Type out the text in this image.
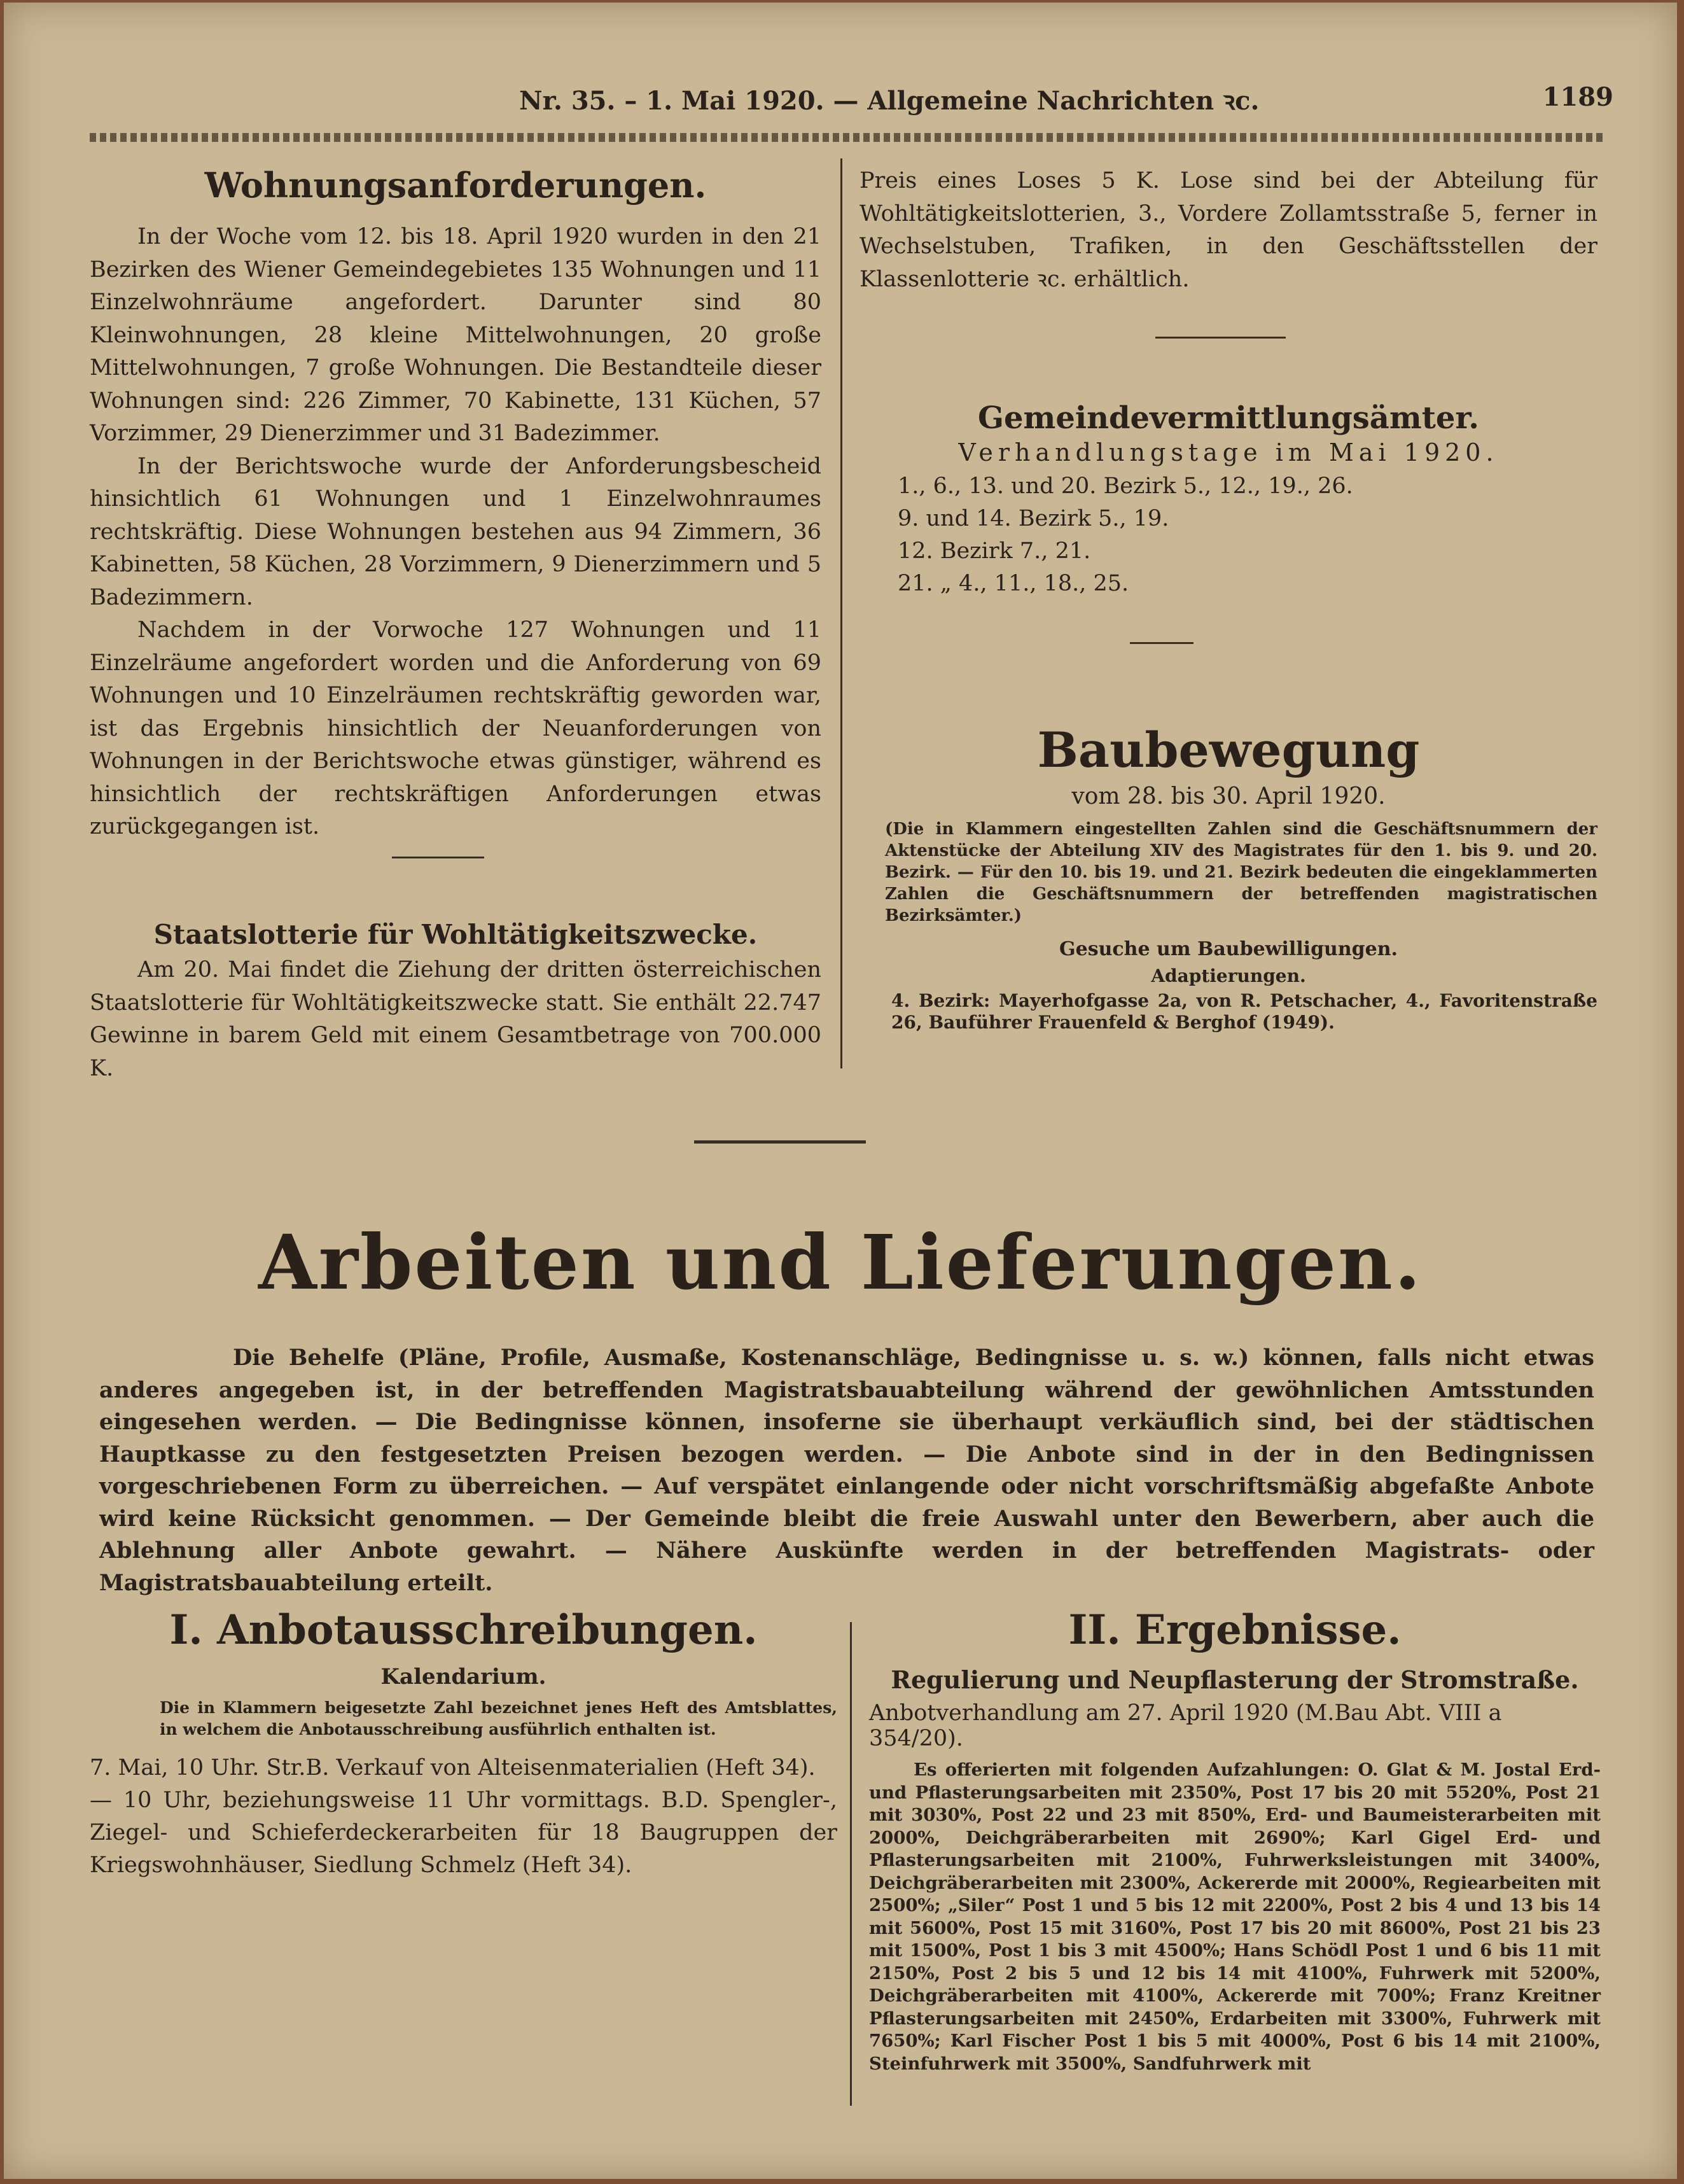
Nr. 35. – 1. Mai 1920. — Allgemeine Nachrichten ꝛc.	1189
Wohnungsanforderungen.

In der Woche vom 12. bis 18. April 1920 wurden in den 21 Bezirken des Wiener Gemeindegebietes 135 Wohnungen und 11 Einzelwohnräume angefordert. Darunter sind 80 Kleinwohnungen, 28 kleine Mittelwohnungen, 20 große Mittelwohnungen, 7 große Wohnungen. Die Bestandteile dieser Wohnungen sind: 226 Zimmer, 70 Kabinette, 131 Küchen, 57 Vorzimmer, 29 Dienerzimmer und 31 Badezimmer.

In der Berichtswoche wurde der Anforderungsbescheid hinsichtlich 61 Wohnungen und 1 Einzelwohnraumes rechtskräftig. Diese Wohnungen bestehen aus 94 Zimmern, 36 Kabinetten, 58 Küchen, 28 Vorzimmern, 9 Dienerzimmern und 5 Badezimmern.

Nachdem in der Vorwoche 127 Wohnungen und 11 Einzelräume angefordert worden und die Anforderung von 69 Wohnungen und 10 Einzelräumen rechtskräftig geworden war, ist das Ergebnis hinsichtlich der Neuanforderungen von Wohnungen in der Berichtswoche etwas günstiger, während es hinsichtlich der rechtskräftigen Anforderungen etwas zurückgegangen ist.

Staatslotterie für Wohltätigkeitszwecke.

Am 20. Mai findet die Ziehung der dritten österreichischen Staatslotterie für Wohltätigkeitszwecke statt. Sie enthält 22.747 Gewinne in barem Geld mit einem Gesamtbetrage von 700.000 K.

Preis eines Loses 5 K. Lose sind bei der Abteilung für Wohltätigkeitslotterien, 3., Vordere Zollamtsstraße 5, ferner in Wechselstuben, Trafiken, in den Geschäftsstellen der Klassenlotterie ꝛc. erhältlich.

Gemeindevermittlungsämter.
Verhandlungstage im Mai 1920.

1., 6., 13. und 20. Bezirk 5., 12., 19., 26.

9. und 14. Bezirk 5., 19.

12. Bezirk 7., 21.

21. „ 4., 11., 18., 25.

Baubewegung
vom 28. bis 30. April 1920.

(Die in Klammern eingestellten Zahlen sind die Geschäftsnummern der Aktenstücke der Abteilung XIV des Magistrates für den 1. bis 9. und 20. Bezirk. — Für den 10. bis 19. und 21. Bezirk bedeuten die eingeklammerten Zahlen die Geschäftsnummern der betreffenden magistratischen Bezirksämter.)

Gesuche um Baubewilligungen.
Adaptierungen.

4. Bezirk: Mayerhofgasse 2a, von R. Petschacher, 4., Favoritenstraße 26, Bauführer Frauenfeld & Berghof (1949).

Arbeiten und Lieferungen.

Die Behelfe (Pläne, Profile, Ausmaße, Kostenanschläge, Bedingnisse u. s. w.) können, falls nicht etwas anderes angegeben ist, in der betreffenden Magistratsbauabteilung während der gewöhnlichen Amtsstunden eingesehen werden. — Die Bedingnisse können, insoferne sie überhaupt verkäuflich sind, bei der städtischen Hauptkasse zu den festgesetzten Preisen bezogen werden. — Die Anbote sind in der in den Bedingnissen vorgeschriebenen Form zu überreichen. — Auf verspätet einlangende oder nicht vorschriftsmäßig abgefaßte Anbote wird keine Rücksicht genommen. — Der Gemeinde bleibt die freie Auswahl unter den Bewerbern, aber auch die Ablehnung aller Anbote gewahrt. — Nähere Auskünfte werden in der betreffenden Magistrats- oder Magistratsbauabteilung erteilt.

I. Anbotausschreibungen.
Kalendarium.

Die in Klammern beigesetzte Zahl bezeichnet jenes Heft des Amtsblattes, in welchem die Anbotausschreibung ausführlich enthalten ist.

7. Mai, 10 Uhr. Str.B. Verkauf von Alteisenmaterialien (Heft 34).

— 10 Uhr, beziehungsweise 11 Uhr vormittags. B.D. Spengler-, Ziegel- und Schieferdeckerarbeiten für 18 Baugruppen der Kriegswohnhäuser, Siedlung Schmelz (Heft 34).

II. Ergebnisse.
Regulierung und Neupflasterung der Stromstraße.
Anbotverhandlung am 27. April 1920 (M.Bau Abt. VIII a 354/20).

Es offerierten mit folgenden Aufzahlungen: O. Glat & M. Jostal Erd- und Pflasterungsarbeiten mit 2350%, Post 17 bis 20 mit 5520%, Post 21 mit 3030%, Post 22 und 23 mit 850%, Erd- und Baumeisterarbeiten mit 2000%, Deichgräberarbeiten mit 2690%; Karl Gigel Erd- und Pflasterungsarbeiten mit 2100%, Fuhrwerksleistungen mit 3400%, Deichgräberarbeiten mit 2300%, Ackererde mit 2000%, Regiearbeiten mit 2500%; „Siler“ Post 1 und 5 bis 12 mit 2200%, Post 2 bis 4 und 13 bis 14 mit 5600%, Post 15 mit 3160%, Post 17 bis 20 mit 8600%, Post 21 bis 23 mit 1500%, Post 1 bis 3 mit 4500%; Hans Schödl Post 1 und 6 bis 11 mit 2150%, Post 2 bis 5 und 12 bis 14 mit 4100%, Fuhrwerk mit 5200%, Deichgräberarbeiten mit 4100%, Ackererde mit 700%; Franz Kreitner Pflasterungsarbeiten mit 2450%, Erdarbeiten mit 3300%, Fuhrwerk mit 7650%; Karl Fischer Post 1 bis 5 mit 4000%, Post 6 bis 14 mit 2100%, Steinfuhrwerk mit 3500%, Sandfuhrwerk mit
